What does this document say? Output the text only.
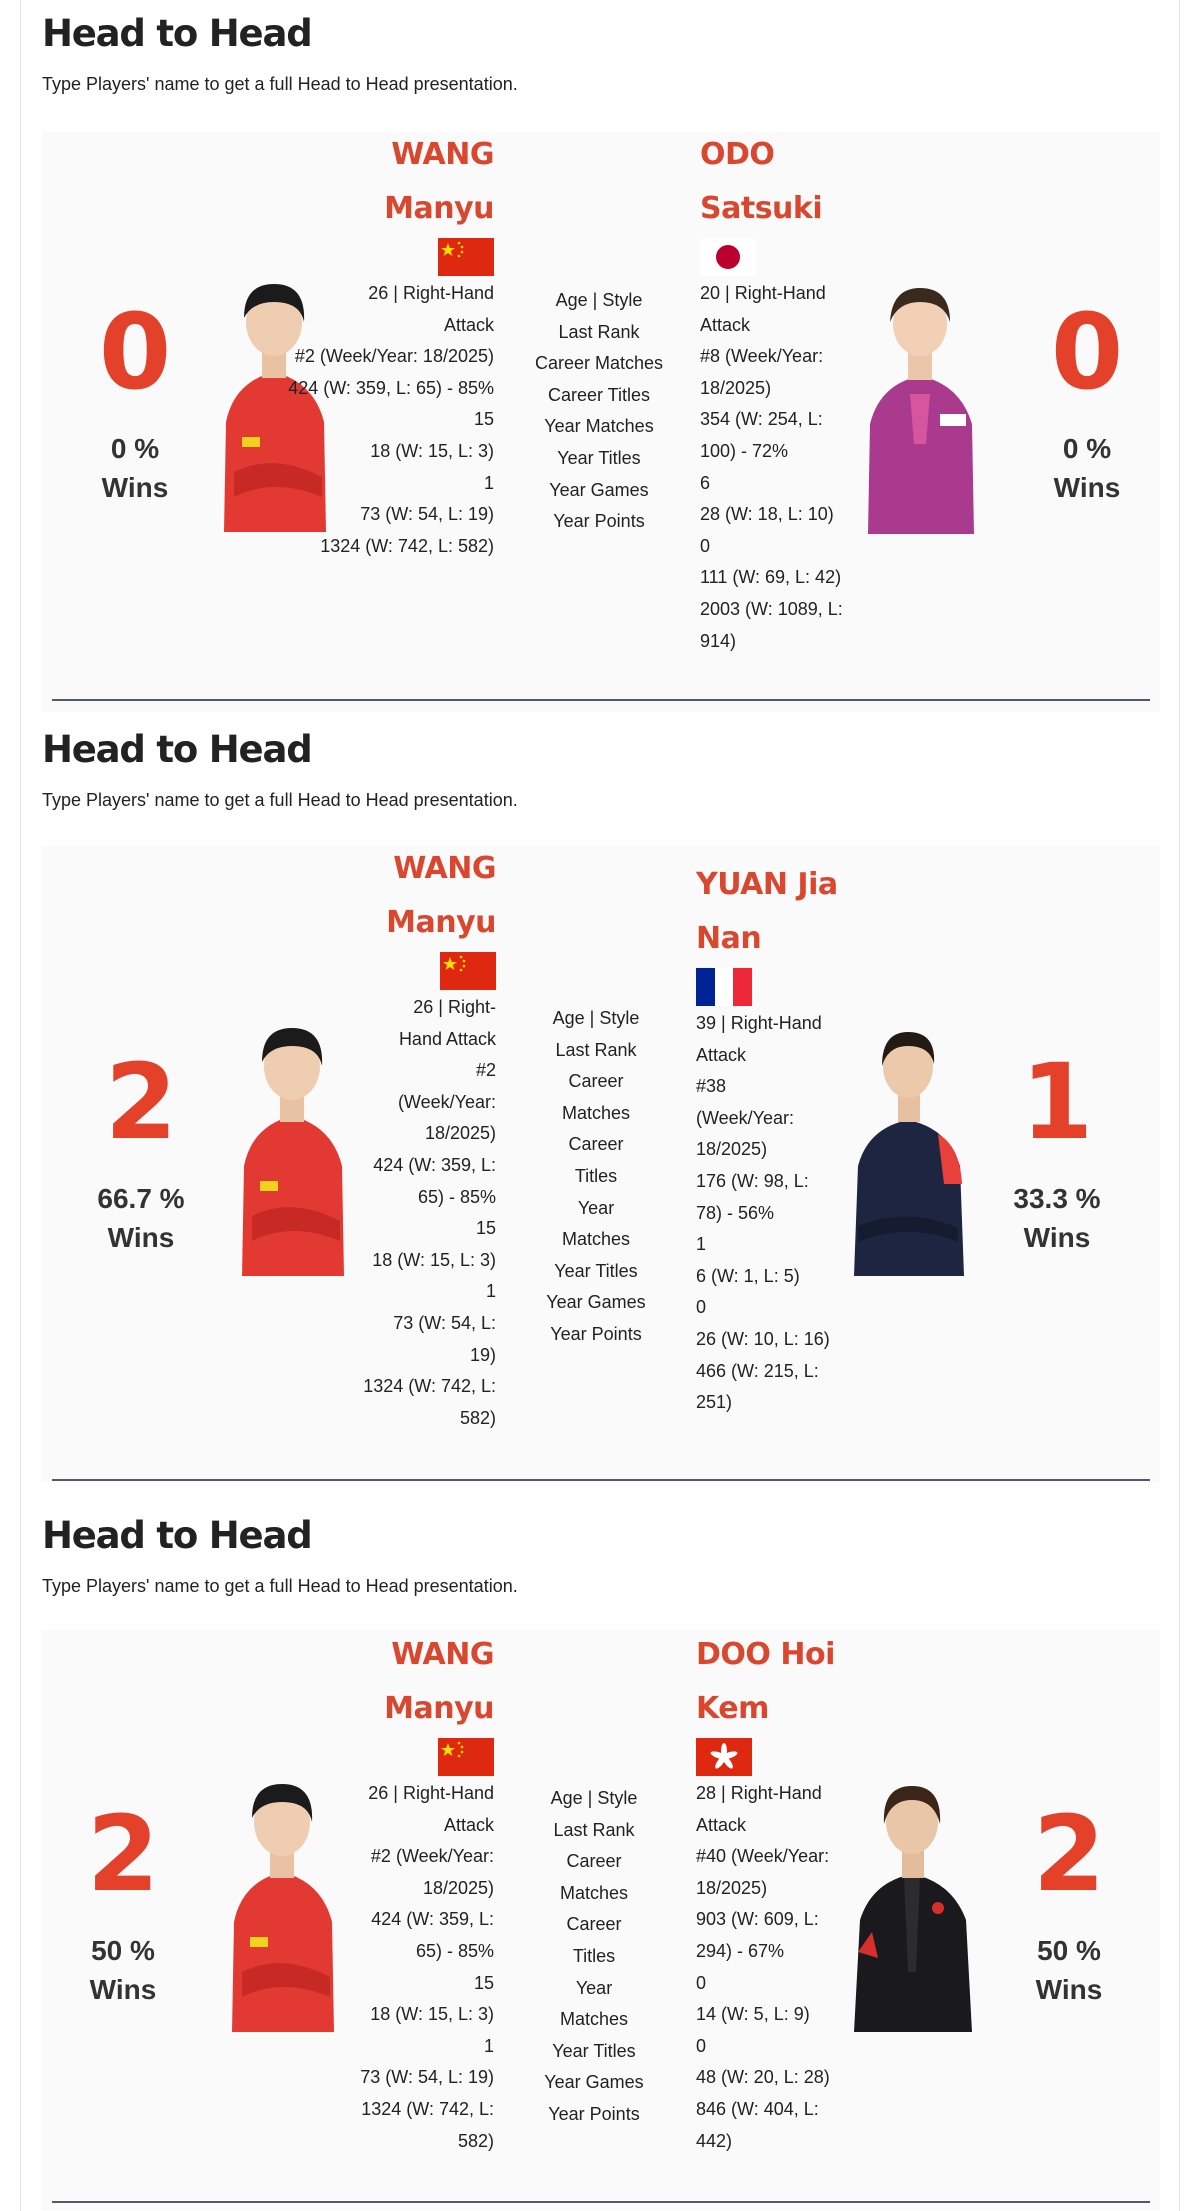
Head to Head
Type Players' name to get a full Head to Head presentation.
0
0 %
Wins
WANG
Manyu
26 | Right-Hand
Attack
#2 (Week/Year: 18/2025)
424 (W: 359, L: 65) - 85%
15
18 (W: 15, L: 3)
1
73 (W: 54, L: 19)
1324 (W: 742, L: 582)
Age | Style
Last Rank
Career Matches
Career Titles
Year Matches
Year Titles
Year Games
Year Points
ODO
Satsuki
20 | Right-Hand
Attack
#8 (Week/Year:
18/2025)
354 (W: 254, L:
100) - 72%
6
28 (W: 18, L: 10)
0
111 (W: 69, L: 42)
2003 (W: 1089, L:
914)
0
0 %
Wins
Head to Head
Type Players' name to get a full Head to Head presentation.
2
66.7 %
Wins
WANG
Manyu
26 | Right-
Hand Attack
#2
(Week/Year:
18/2025)
424 (W: 359, L:
65) - 85%
15
18 (W: 15, L: 3)
1
73 (W: 54, L:
19)
1324 (W: 742, L:
582)
Age | Style
Last Rank
Career
Matches
Career
Titles
Year
Matches
Year Titles
Year Games
Year Points
YUAN Jia
Nan
39 | Right-Hand
Attack
#38
(Week/Year:
18/2025)
176 (W: 98, L:
78) - 56%
1
6 (W: 1, L: 5)
0
26 (W: 10, L: 16)
466 (W: 215, L:
251)
1
33.3 %
Wins
Head to Head
Type Players' name to get a full Head to Head presentation.
2
50 %
Wins
WANG
Manyu
26 | Right-Hand
Attack
#2 (Week/Year:
18/2025)
424 (W: 359, L:
65) - 85%
15
18 (W: 15, L: 3)
1
73 (W: 54, L: 19)
1324 (W: 742, L:
582)
Age | Style
Last Rank
Career
Matches
Career
Titles
Year
Matches
Year Titles
Year Games
Year Points
DOO Hoi
Kem
28 | Right-Hand
Attack
#40 (Week/Year:
18/2025)
903 (W: 609, L:
294) - 67%
0
14 (W: 5, L: 9)
0
48 (W: 20, L: 28)
846 (W: 404, L:
442)
2
50 %
Wins
